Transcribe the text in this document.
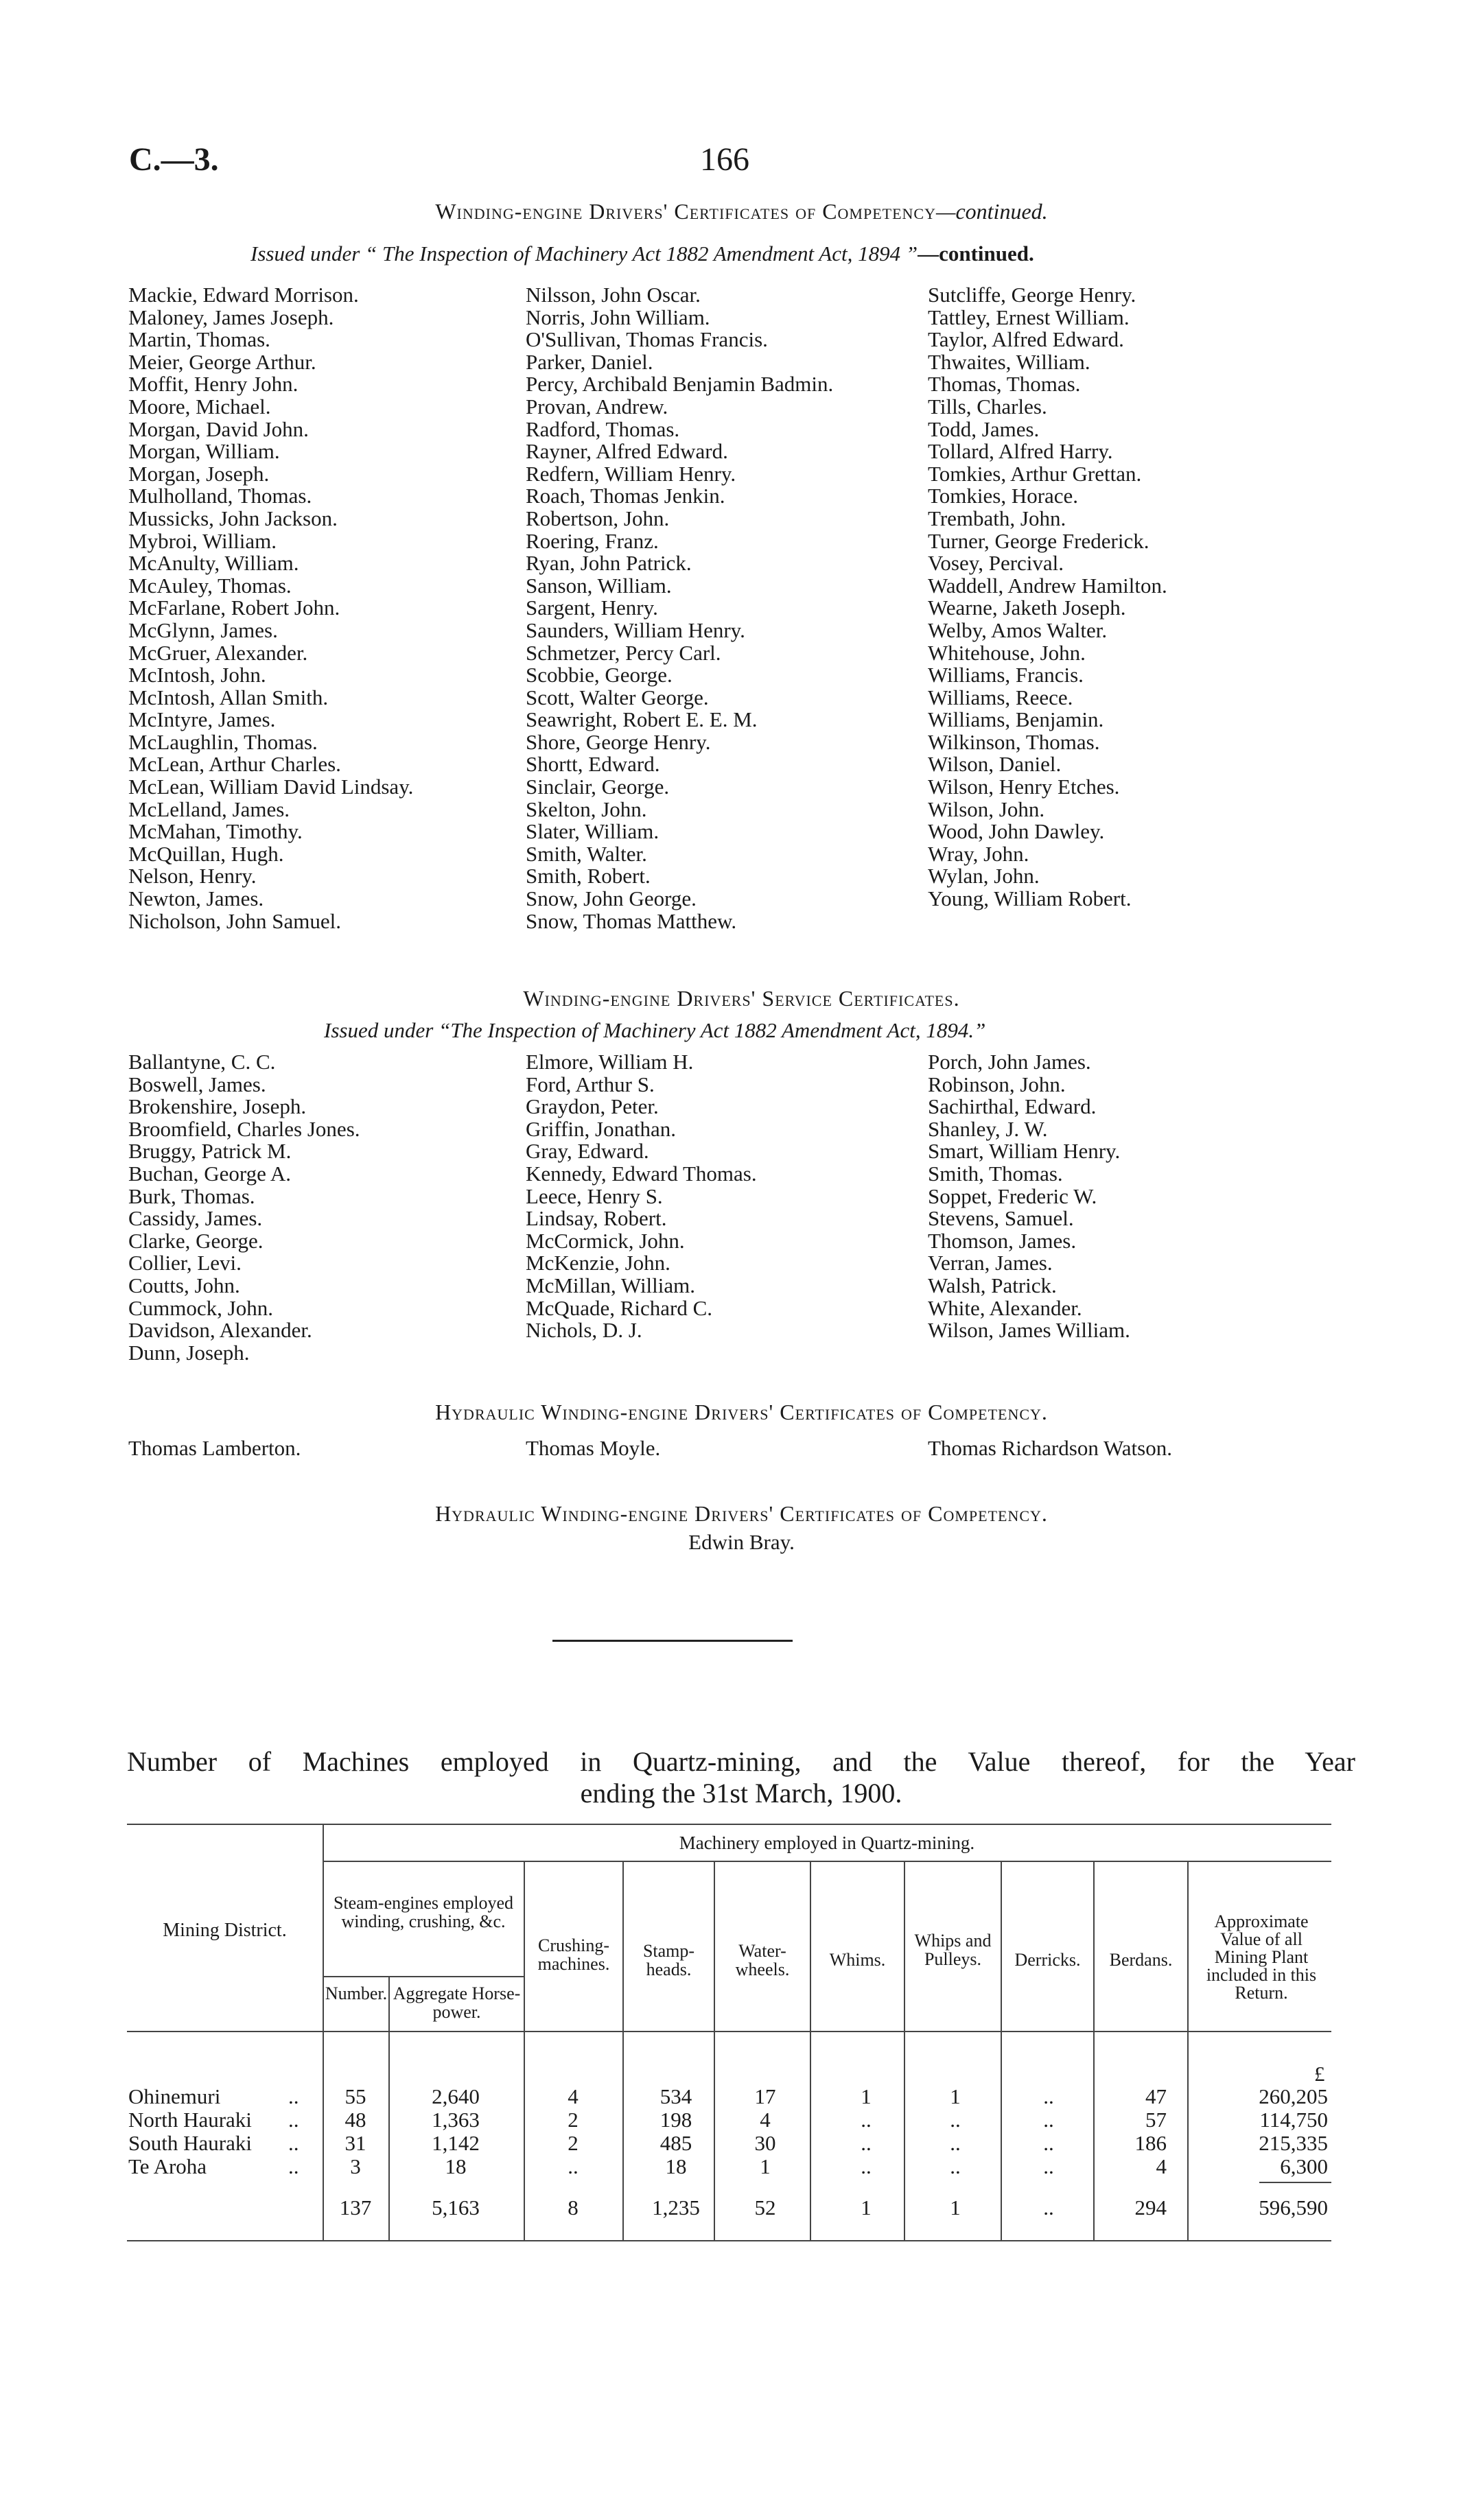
C.—3.	166
Winding-engine Drivers' Certificates of Competency—continued.
Issued under “ The Inspection of Machinery Act 1882 Amendment Act, 1894 ”—continued.
Mackie, Edward Morrison.
Maloney, James Joseph.
Martin, Thomas.
Meier, George Arthur.
Moffit, Henry John.
Moore, Michael.
Morgan, David John.
Morgan, William.
Morgan, Joseph.
Mulholland, Thomas.
Mussicks, John Jackson.
Mybroi, William.
McAnulty, William.
McAuley, Thomas.
McFarlane, Robert John.
McGlynn, James.
McGruer, Alexander.
McIntosh, John.
McIntosh, Allan Smith.
McIntyre, James.
McLaughlin, Thomas.
McLean, Arthur Charles.
McLean, William David Lindsay.
McLelland, James.
McMahan, Timothy.
McQuillan, Hugh.
Nelson, Henry.
Newton, James.
Nicholson, John Samuel.
Nilsson, John Oscar.
Norris, John William.
O'Sullivan, Thomas Francis.
Parker, Daniel.
Percy, Archibald Benjamin Badmin.
Provan, Andrew.
Radford, Thomas.
Rayner, Alfred Edward.
Redfern, William Henry.
Roach, Thomas Jenkin.
Robertson, John.
Roering, Franz.
Ryan, John Patrick.
Sanson, William.
Sargent, Henry.
Saunders, William Henry.
Schmetzer, Percy Carl.
Scobbie, George.
Scott, Walter George.
Seawright, Robert E. E. M.
Shore, George Henry.
Shortt, Edward.
Sinclair, George.
Skelton, John.
Slater, William.
Smith, Walter.
Smith, Robert.
Snow, John George.
Snow, Thomas Matthew.
Sutcliffe, George Henry.
Tattley, Ernest William.
Taylor, Alfred Edward.
Thwaites, William.
Thomas, Thomas.
Tills, Charles.
Todd, James.
Tollard, Alfred Harry.
Tomkies, Arthur Grettan.
Tomkies, Horace.
Trembath, John.
Turner, George Frederick.
Vosey, Percival.
Waddell, Andrew Hamilton.
Wearne, Jaketh Joseph.
Welby, Amos Walter.
Whitehouse, John.
Williams, Francis.
Williams, Reece.
Williams, Benjamin.
Wilkinson, Thomas.
Wilson, Daniel.
Wilson, Henry Etches.
Wilson, John.
Wood, John Dawley.
Wray, John.
Wylan, John.
Young, William Robert.
Winding-engine Drivers' Service Certificates.
Issued under “The Inspection of Machinery Act 1882 Amendment Act, 1894.”
Ballantyne, C. C.
Boswell, James.
Brokenshire, Joseph.
Broomfield, Charles Jones.
Bruggy, Patrick M.
Buchan, George A.
Burk, Thomas.
Cassidy, James.
Clarke, George.
Collier, Levi.
Coutts, John.
Cummock, John.
Davidson, Alexander.
Dunn, Joseph.
Elmore, William H.
Ford, Arthur S.
Graydon, Peter.
Griffin, Jonathan.
Gray, Edward.
Kennedy, Edward Thomas.
Leece, Henry S.
Lindsay, Robert.
McCormick, John.
McKenzie, John.
McMillan, William.
McQuade, Richard C.
Nichols, D. J.
Porch, John James.
Robinson, John.
Sachirthal, Edward.
Shanley, J. W.
Smart, William Henry.
Smith, Thomas.
Soppet, Frederic W.
Stevens, Samuel.
Thomson, James.
Verran, James.
Walsh, Patrick.
White, Alexander.
Wilson, James William.
Hydraulic Winding-engine Drivers' Certificates of Competency.
Thomas Lamberton.	Thomas Moyle.	Thomas Richardson Watson.
Hydraulic Winding-engine Drivers' Certificates of Competency.
Edwin Bray.
Number of Machines employed in Quartz-mining, and the Value thereof, for the Year
ending the 31st March, 1900.
Machinery employed in Quartz-mining.
Mining District.
Steam-engines employed winding, crushing, &c.
Number. Aggregate Horse-power.
Crushing-machines.
Stamp-heads.
Water-wheels.	Whims.
Whips and Pulleys.	Derricks.	Berdans.
Approximate Value of all Mining Plant included in this Return.
£
Ohinemuri	..	55	2,640	4	534	17	1	1	..	47	260,205
North Hauraki ..	48	1,363	2	198	4	..	..	..	57	114,750
South Hauraki ..	31	1,142	2	485	30	..	..	..	186	215,335
Te Aroha	..	3	18	..	18	1	..	..	..	4	6,300
137	5,163	8	1,235	52	1	1	..	294	596,590
